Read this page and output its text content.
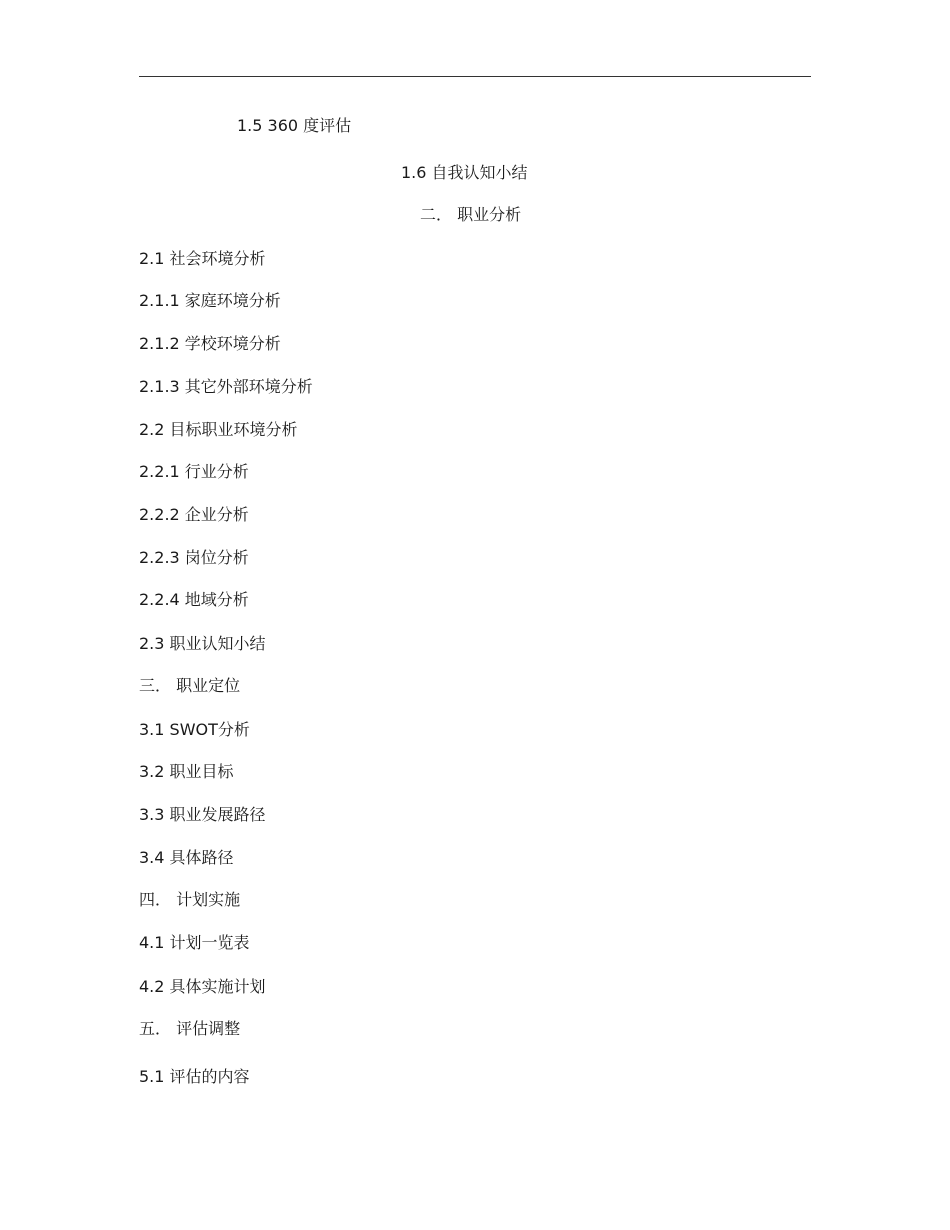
1.5 360 度评估
1.6 自我认知小结
二． 职业分析
2.1 社会环境分析
2.1.1 家庭环境分析
2.1.2 学校环境分析
2.1.3 其它外部环境分析
2.2 目标职业环境分析
2.2.1 行业分析
2.2.2 企业分析
2.2.3 岗位分析
2.2.4 地域分析
2.3 职业认知小结
三． 职业定位
3.1 SWOT分析
3.2 职业目标
3.3 职业发展路径
3.4 具体路径
四． 计划实施
4.1 计划一览表
4.2 具体实施计划
五． 评估调整
5.1 评估的内容
